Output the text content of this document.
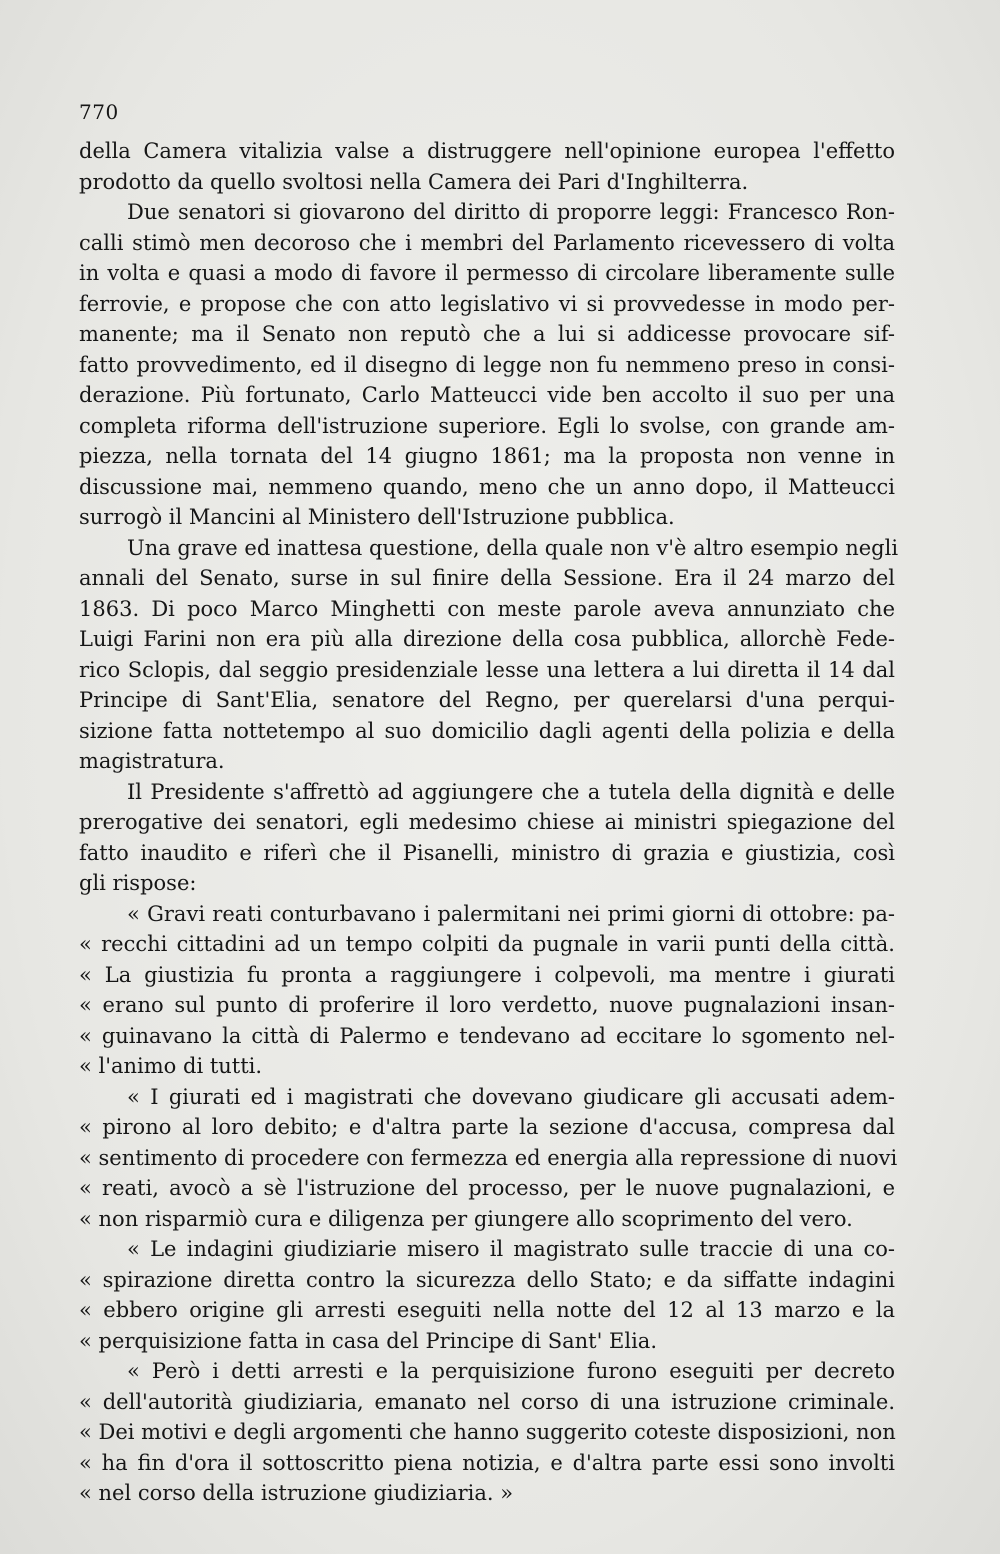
770

della Camera vitalizia valse a distruggere nell'opinione europea l'effetto
prodotto da quello svoltosi nella Camera dei Pari d'Inghilterra.

Due senatori si giovarono del diritto di proporre leggi: Francesco Ron-
calli stimò men decoroso che i membri del Parlamento ricevessero di volta
in volta e quasi a modo di favore il permesso di circolare liberamente sulle
ferrovie, e propose che con atto legislativo vi si provvedesse in modo per-
manente; ma il Senato non reputò che a lui si addicesse provocare sif-
fatto provvedimento, ed il disegno di legge non fu nemmeno preso in consi-
derazione. Più fortunato, Carlo Matteucci vide ben accolto il suo per una
completa riforma dell'istruzione superiore. Egli lo svolse, con grande am-
piezza, nella tornata del 14 giugno 1861; ma la proposta non venne in
discussione mai, nemmeno quando, meno che un anno dopo, il Matteucci
surrogò il Mancini al Ministero dell'Istruzione pubblica.

Una grave ed inattesa questione, della quale non v'è altro esempio negli
annali del Senato, surse in sul finire della Sessione. Era il 24 marzo del
1863. Di poco Marco Minghetti con meste parole aveva annunziato che
Luigi Farini non era più alla direzione della cosa pubblica, allorchè Fede-
rico Sclopis, dal seggio presidenziale lesse una lettera a lui diretta il 14 dal
Principe di Sant'Elia, senatore del Regno, per querelarsi d'una perqui-
sizione fatta nottetempo al suo domicilio dagli agenti della polizia e della
magistratura.

Il Presidente s'affrettò ad aggiungere che a tutela della dignità e delle
prerogative dei senatori, egli medesimo chiese ai ministri spiegazione del
fatto inaudito e riferì che il Pisanelli, ministro di grazia e giustizia, così
gli rispose:

« Gravi reati conturbavano i palermitani nei primi giorni di ottobre: pa-
« recchi cittadini ad un tempo colpiti da pugnale in varii punti della città.
« La giustizia fu pronta a raggiungere i colpevoli, ma mentre i giurati
« erano sul punto di proferire il loro verdetto, nuove pugnalazioni insan-
« guinavano la città di Palermo e tendevano ad eccitare lo sgomento nel-
« l'animo di tutti.

« I giurati ed i magistrati che dovevano giudicare gli accusati adem-
« pirono al loro debito; e d'altra parte la sezione d'accusa, compresa dal
« sentimento di procedere con fermezza ed energia alla repressione di nuovi
« reati, avocò a sè l'istruzione del processo, per le nuove pugnalazioni, e
« non risparmiò cura e diligenza per giungere allo scoprimento del vero.

« Le indagini giudiziarie misero il magistrato sulle traccie di una co-
« spirazione diretta contro la sicurezza dello Stato; e da siffatte indagini
« ebbero origine gli arresti eseguiti nella notte del 12 al 13 marzo e la
« perquisizione fatta in casa del Principe di Sant' Elia.

« Però i detti arresti e la perquisizione furono eseguiti per decreto
« dell'autorità giudiziaria, emanato nel corso di una istruzione criminale.
« Dei motivi e degli argomenti che hanno suggerito coteste disposizioni, non
« ha fin d'ora il sottoscritto piena notizia, e d'altra parte essi sono involti
« nel corso della istruzione giudiziaria. »
